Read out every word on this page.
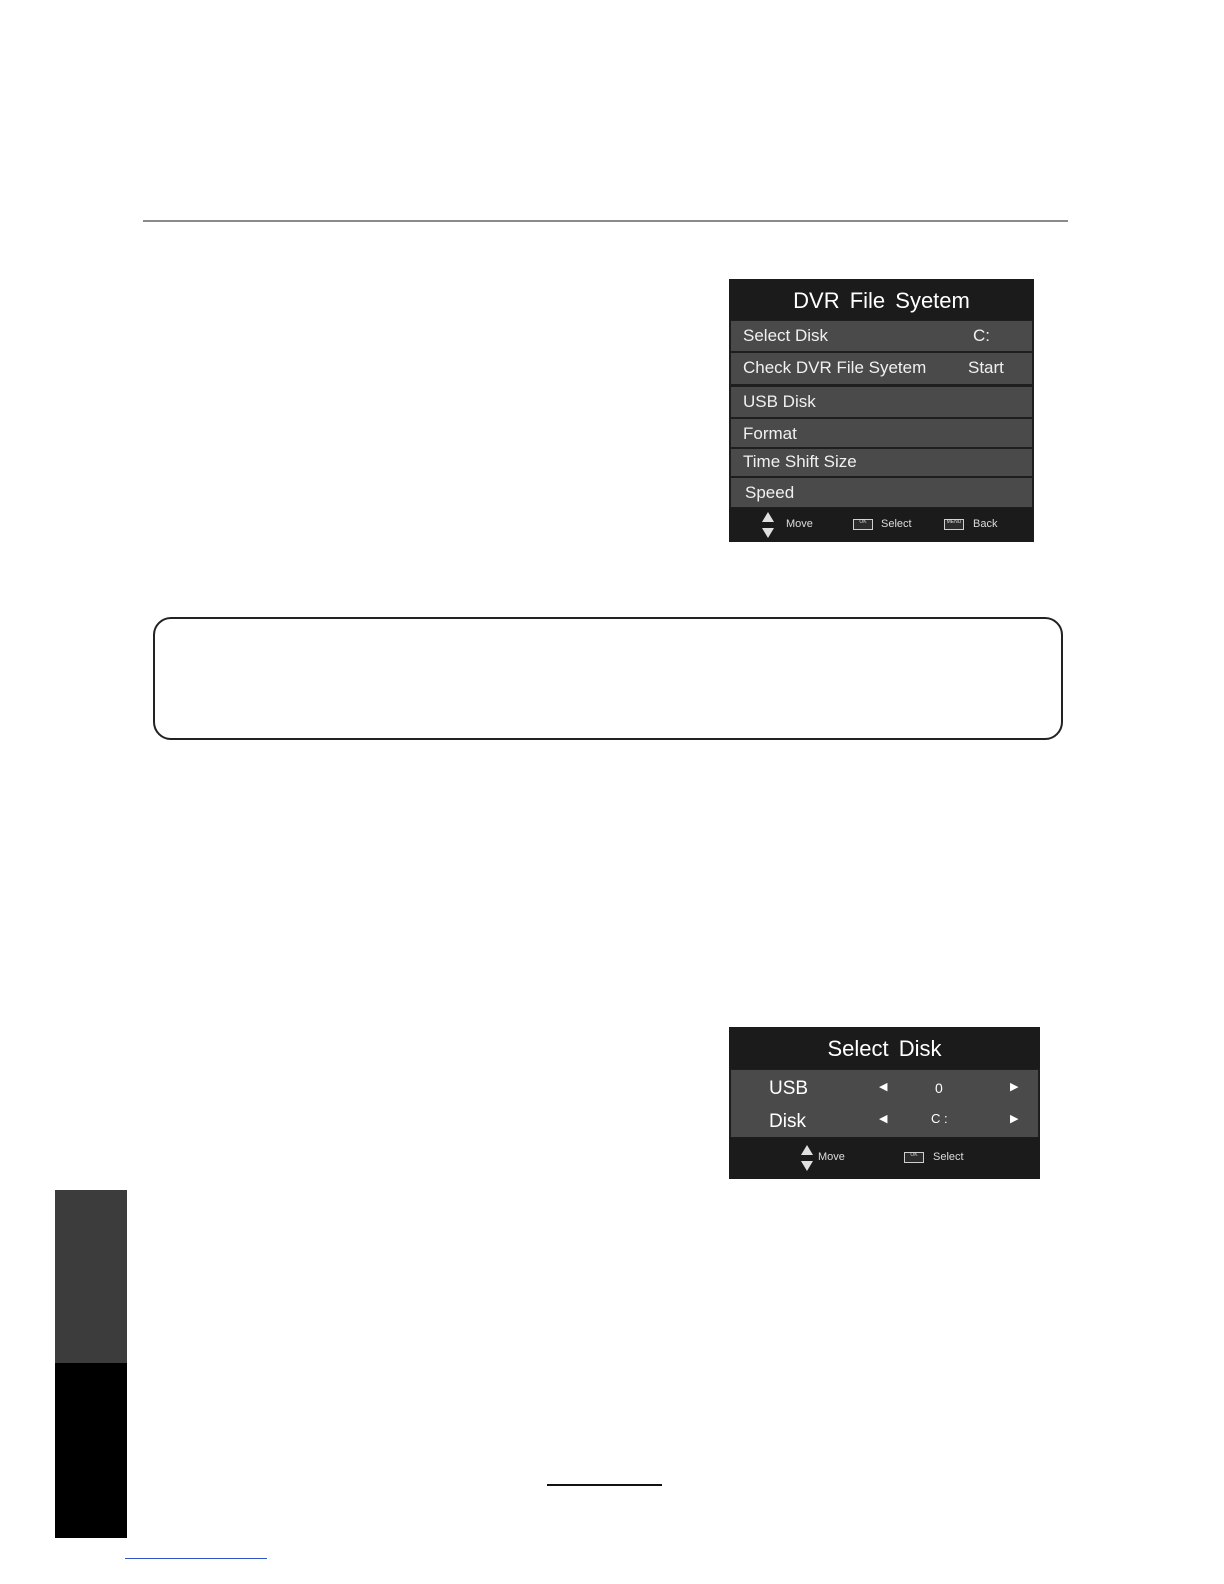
DVR File Syetem
Select Disk	C:
Check DVR File Syetem Start
USB Disk
Format
Time Shift Size
Speed
Move	OK	Select	MENU Back
Select Disk
USB	◀	0	▶
Disk	◀	C :	▶
Move	OK	Select
